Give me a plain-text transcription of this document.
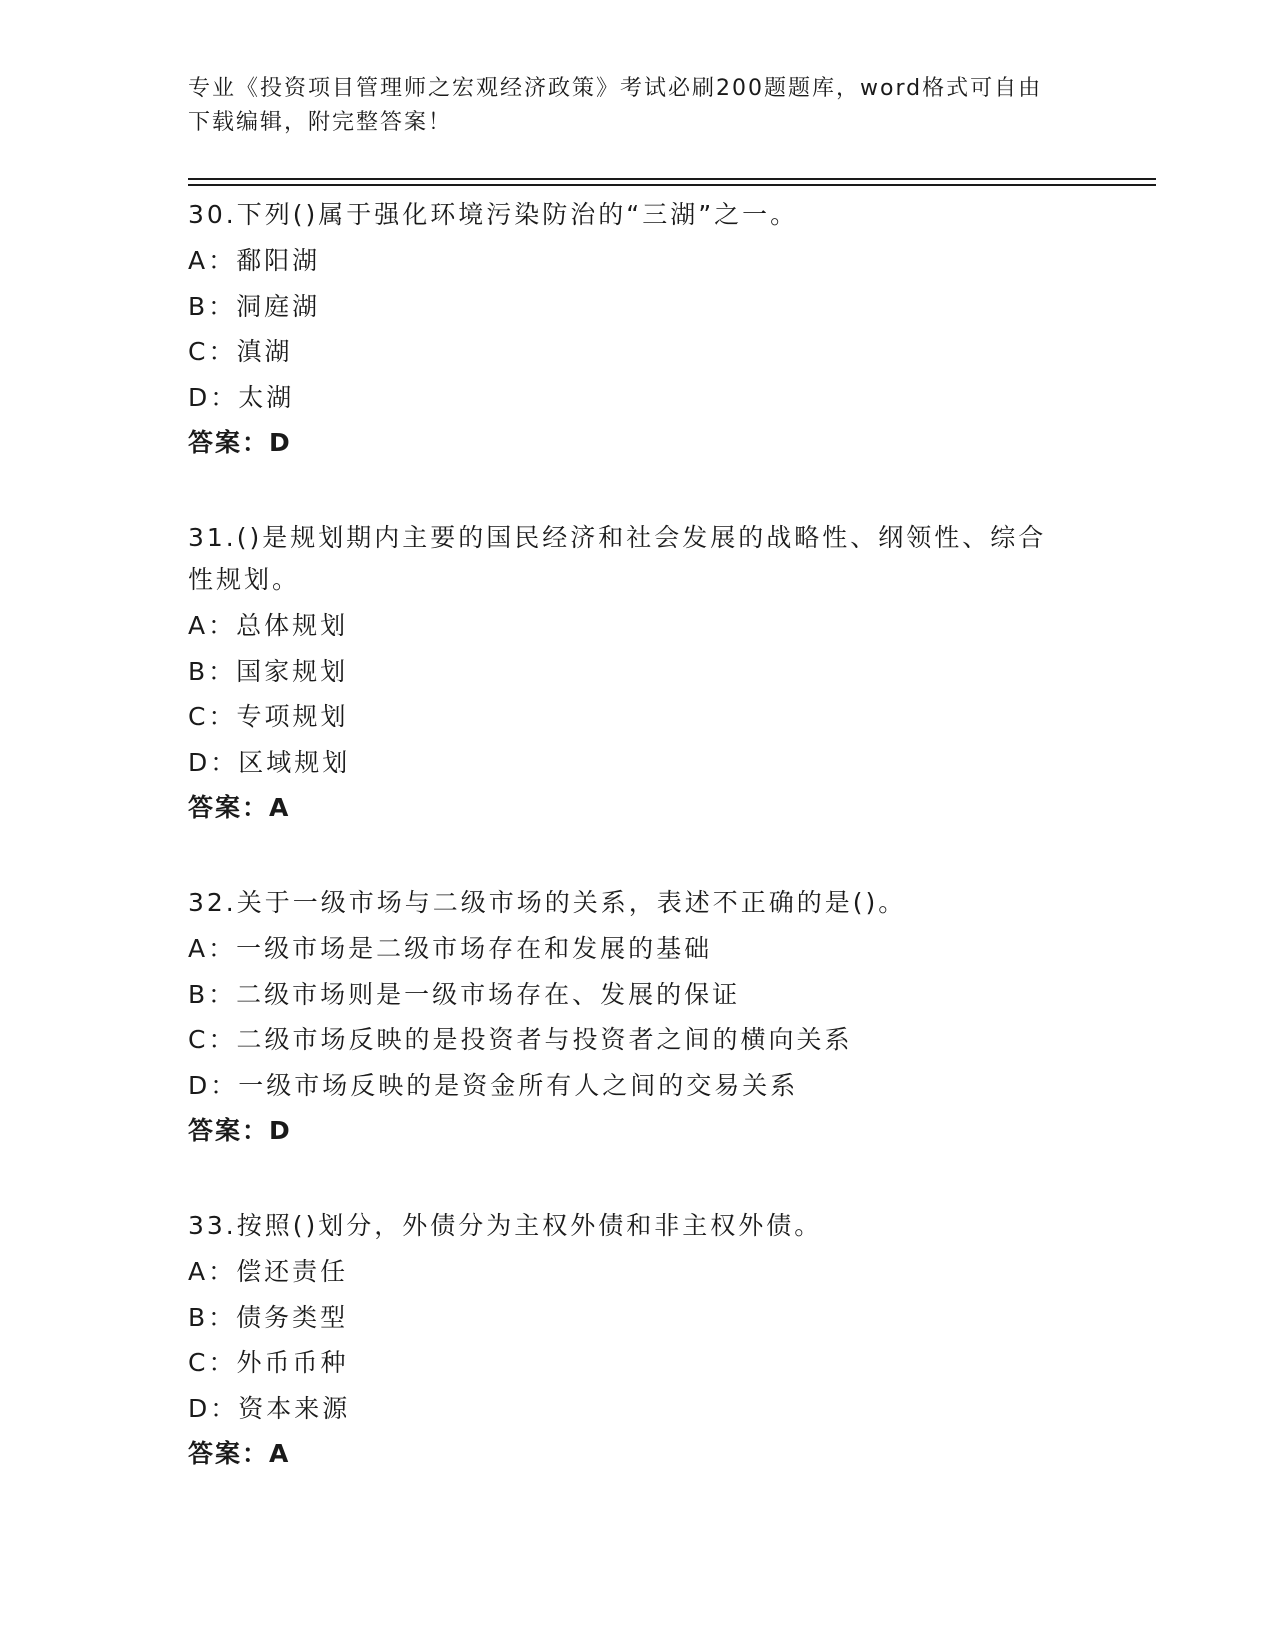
专业《投资项目管理师之宏观经济政策》考试必刷200题题库，word格式可自由
下载编辑，附完整答案！
30.下列()属于强化环境污染防治的“三湖”之一。
A：鄱阳湖
B：洞庭湖
C：滇湖
D：太湖
答案：D
31.()是规划期内主要的国民经济和社会发展的战略性、纲领性、综合
性规划。
A：总体规划
B：国家规划
C：专项规划
D：区域规划
答案：A
32.关于一级市场与二级市场的关系，表述不正确的是()。
A：一级市场是二级市场存在和发展的基础
B：二级市场则是一级市场存在、发展的保证
C：二级市场反映的是投资者与投资者之间的横向关系
D：一级市场反映的是资金所有人之间的交易关系
答案：D
33.按照()划分，外债分为主权外债和非主权外债。
A：偿还责任
B：债务类型
C：外币币种
D：资本来源
答案：A
